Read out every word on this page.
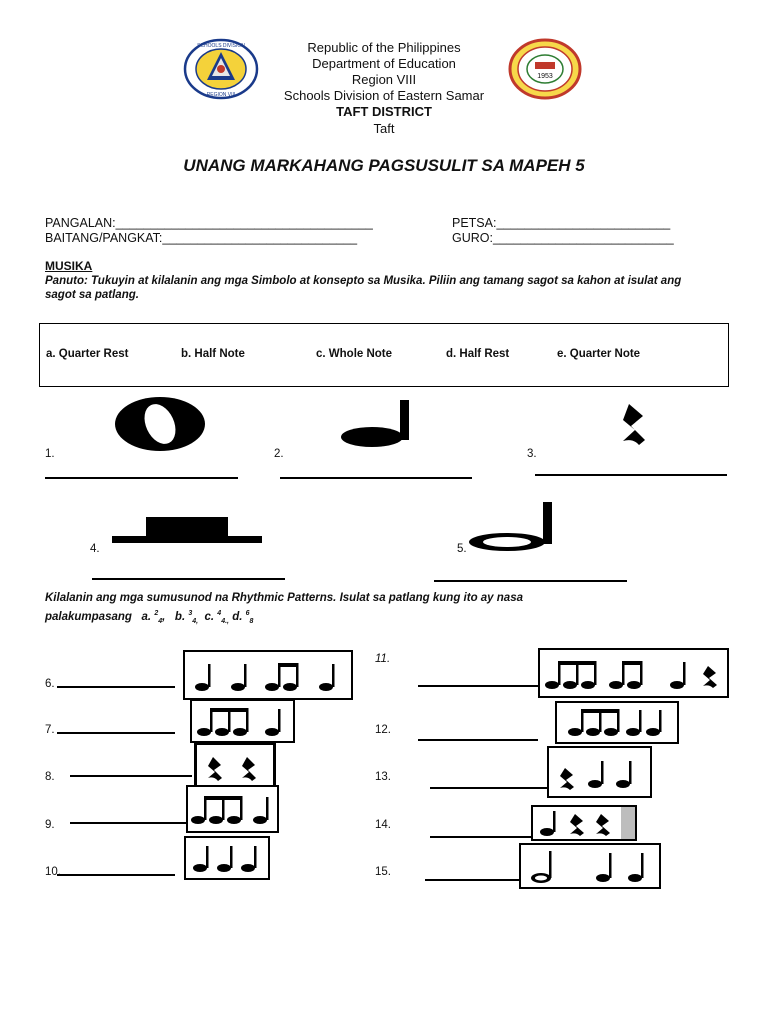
SCHOOLS DIVISION
REGION VIII
1953
Republic of the Philippines
Department of Education
Region VIII
Schools Division of Eastern Samar
TAFT DISTRICT
Taft
UNANG MARKAHANG PAGSUSULIT SA MAPEH 5
PANGALAN:_____________________________________	PETSA:_________________________
BAITANG/PANGKAT:____________________________	GURO:__________________________
MUSIKA
Panuto: Tukuyin at kilalanin ang mga Simbolo at konsepto sa Musika. Piliin ang tamang sagot sa kahon at isulat ang sagot sa patlang.
a. Quarter Rest	b. Half Note	c. Whole Note	d. Half Rest	e. Quarter Note
1.	2.	3.
4.	5.
Kilalanin ang mga sumusunod na Rhythmic Patterns. Isulat sa patlang kung ito ay nasa
palakumpasang a. $^2_4$, b. $^3_{4,}$ c. $^4_{4.,}$ d. $^6_8$
6.
7.
8.
9.
10.
11.
12.
13.
14.
15.
